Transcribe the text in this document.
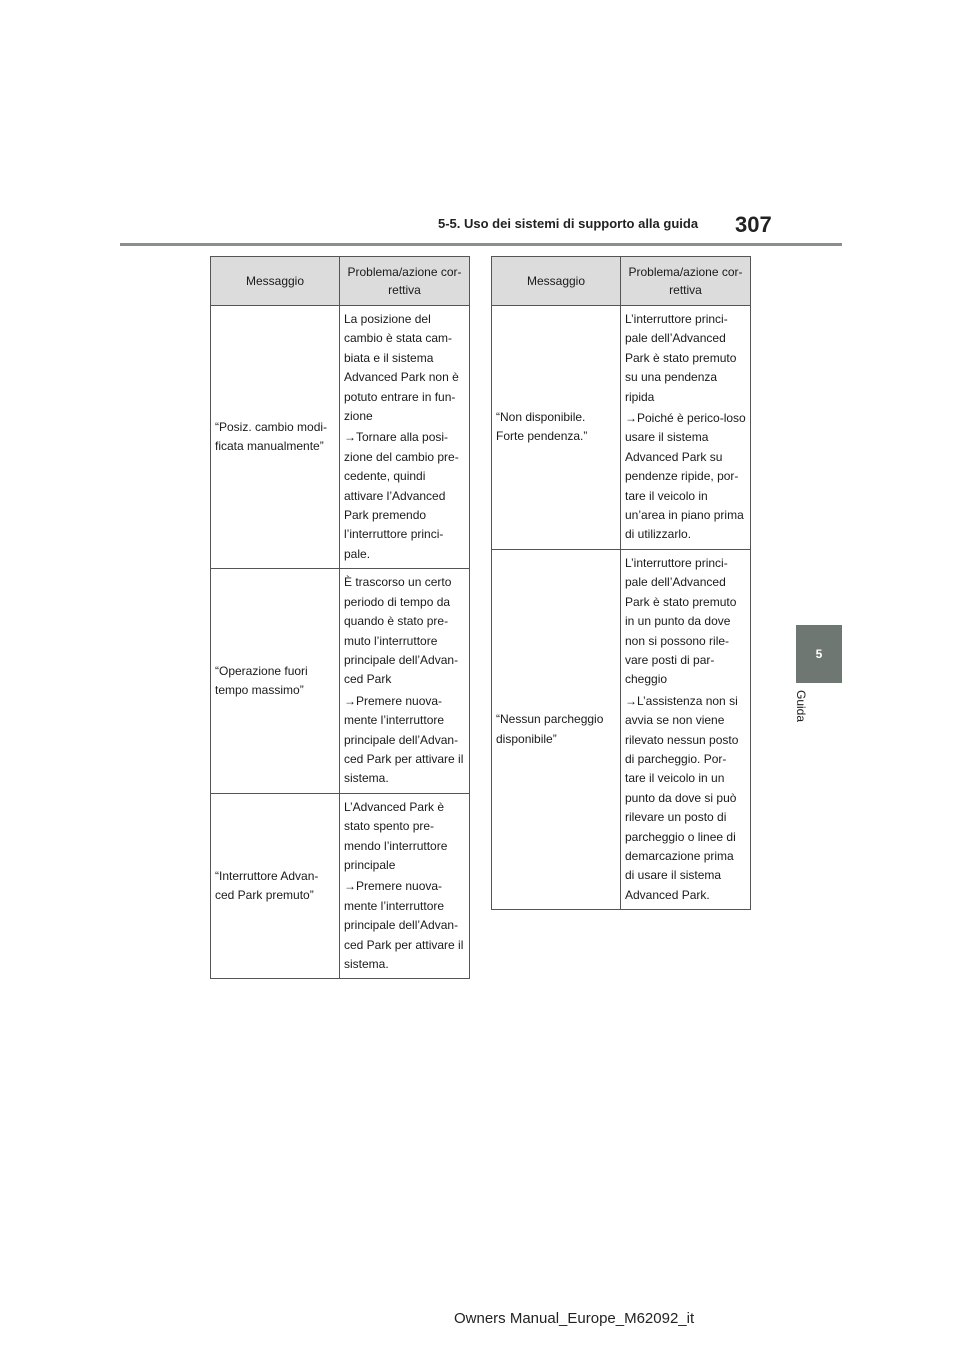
5-5. Uso dei sistemi di supporto alla guida 307
5
Guida
Messaggio	Problema/azione cor-rettiva
“Posiz. cambio modi-ficata manualmente”	La posizione del cambio è stata cam-biata e il sistema Advanced Park non è potuto entrare in fun-zione

→Tornare alla posi-zione del cambio pre-cedente, quindi attivare l’Advanced Park premendo l’interruttore princi-pale.

“Operazione fuori tempo massimo”	È trascorso un certo periodo di tempo da quando è stato pre-muto l’interruttore principale dell’Advan-ced Park

→Premere nuova-mente l’interruttore principale dell’Advan-ced Park per attivare il sistema.

“Interruttore Advan-ced Park premuto”	L’Advanced Park è stato spento pre-mendo l’interruttore principale

→Premere nuova-mente l’interruttore principale dell’Advan-ced Park per attivare il sistema.

Messaggio	Problema/azione cor-rettiva
“Non disponibile. Forte pendenza.”	L’interruttore princi-pale dell’Advanced Park è stato premuto su una pendenza ripida

→Poiché è perico-loso usare il sistema Advanced Park su pendenze ripide, por-tare il veicolo in un’area in piano prima di utilizzarlo.

“Nessun parcheggio disponibile”	L’interruttore princi-pale dell’Advanced Park è stato premuto in un punto da dove non si possono rile-vare posti di par-cheggio

→L’assistenza non si avvia se non viene rilevato nessun posto di parcheggio. Por-tare il veicolo in un punto da dove si può rilevare un posto di parcheggio o linee di demarcazione prima di usare il sistema Advanced Park.

Owners Manual_Europe_M62092_it
